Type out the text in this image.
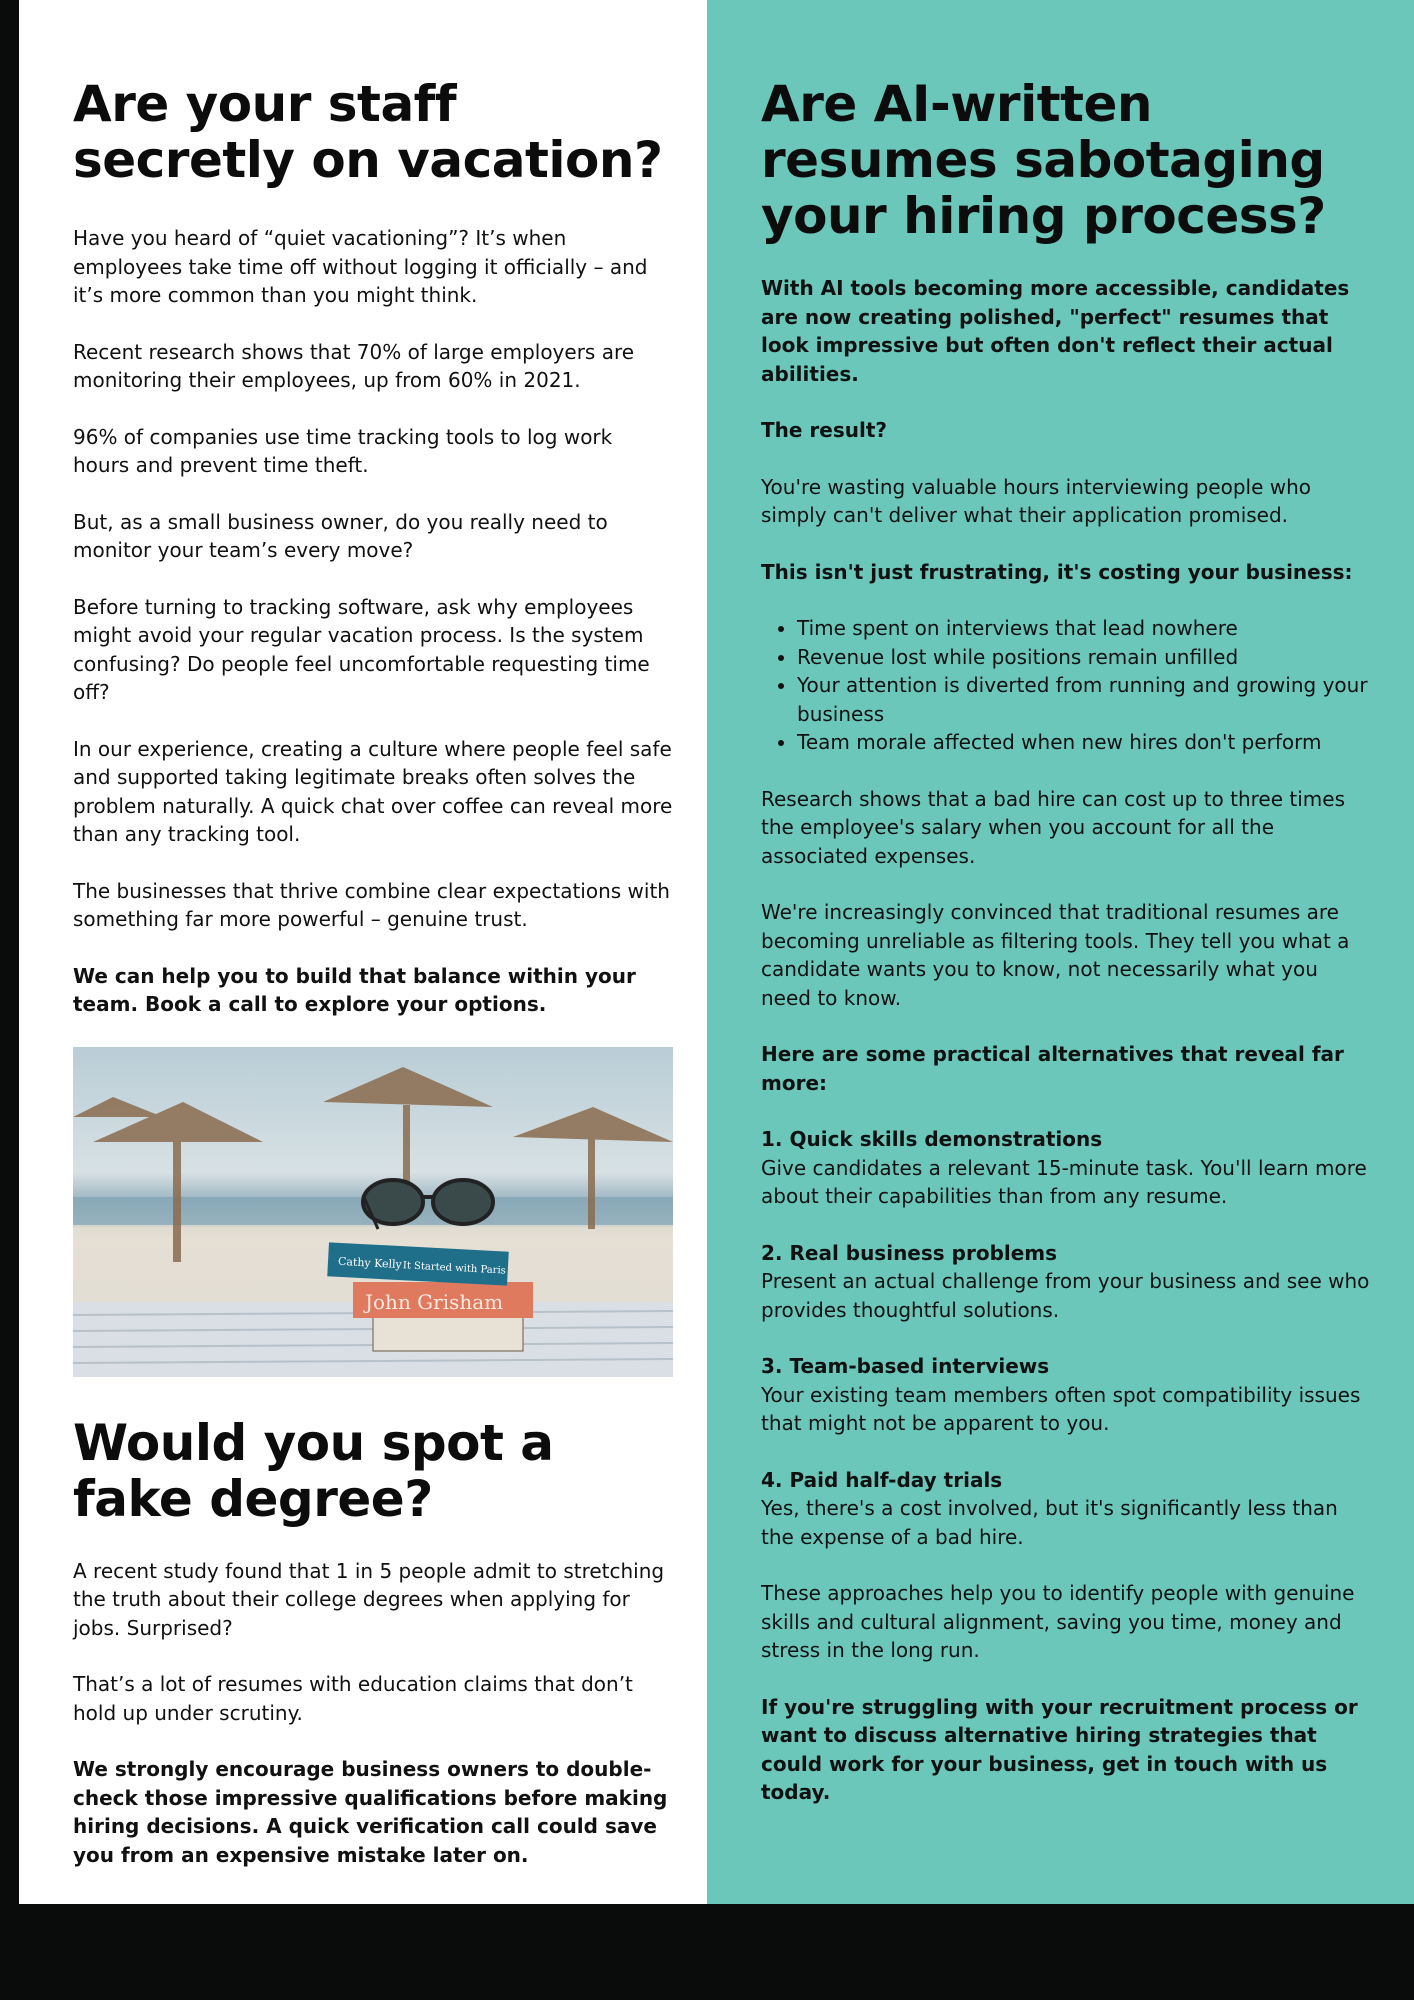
Are your staff secretly on vacation?

Have you heard of “quiet vacationing”? It’s when employees take time off without logging it officially – and it’s more common than you might think.

Recent research shows that 70% of large employers are monitoring their employees, up from 60% in 2021.

96% of companies use time tracking tools to log work hours and prevent time theft.

But, as a small business owner, do you really need to monitor your team’s every move?

Before turning to tracking software, ask why employees might avoid your regular vacation process. Is the system confusing? Do people feel uncomfortable requesting time off?

In our experience, creating a culture where people feel safe and supported taking legitimate breaks often solves the problem naturally. A quick chat over coffee can reveal more than any tracking tool.

The businesses that thrive combine clear expectations with something far more powerful – genuine trust.

We can help you to build that balance within your team. Book a call to explore your options.

John Grisham
Cathy Kelly It Started with Paris
Would you spot a fake degree?

A recent study found that 1 in 5 people admit to stretching the truth about their college degrees when applying for jobs. Surprised?

That’s a lot of resumes with education claims that don’t hold up under scrutiny.

We strongly encourage business owners to double-check those impressive qualifications before making hiring decisions. A quick verification call could save you from an expensive mistake later on.

Are AI-written resumes sabotaging your hiring process?

With AI tools becoming more accessible, candidates are now creating polished, "perfect" resumes that look impressive but often don't reflect their actual abilities.

The result?

You're wasting valuable hours interviewing people who simply can't deliver what their application promised.

This isn't just frustrating, it's costing your business:

• Time spent on interviews that lead nowhere
• Revenue lost while positions remain unfilled
• Your attention is diverted from running and growing your business
• Team morale affected when new hires don't perform

Research shows that a bad hire can cost up to three times the employee's salary when you account for all the associated expenses.

We're increasingly convinced that traditional resumes are becoming unreliable as filtering tools. They tell you what a candidate wants you to know, not necessarily what you need to know.

Here are some practical alternatives that reveal far more:

1. Quick skills demonstrations

Give candidates a relevant 15-minute task. You'll learn more about their capabilities than from any resume.

2. Real business problems

Present an actual challenge from your business and see who provides thoughtful solutions.

3. Team-based interviews

Your existing team members often spot compatibility issues that might not be apparent to you.

4. Paid half-day trials

Yes, there's a cost involved, but it's significantly less than the expense of a bad hire.

These approaches help you to identify people with genuine skills and cultural alignment, saving you time, money and stress in the long run.

If you're struggling with your recruitment process or want to discuss alternative hiring strategies that could work for your business, get in touch with us today.
